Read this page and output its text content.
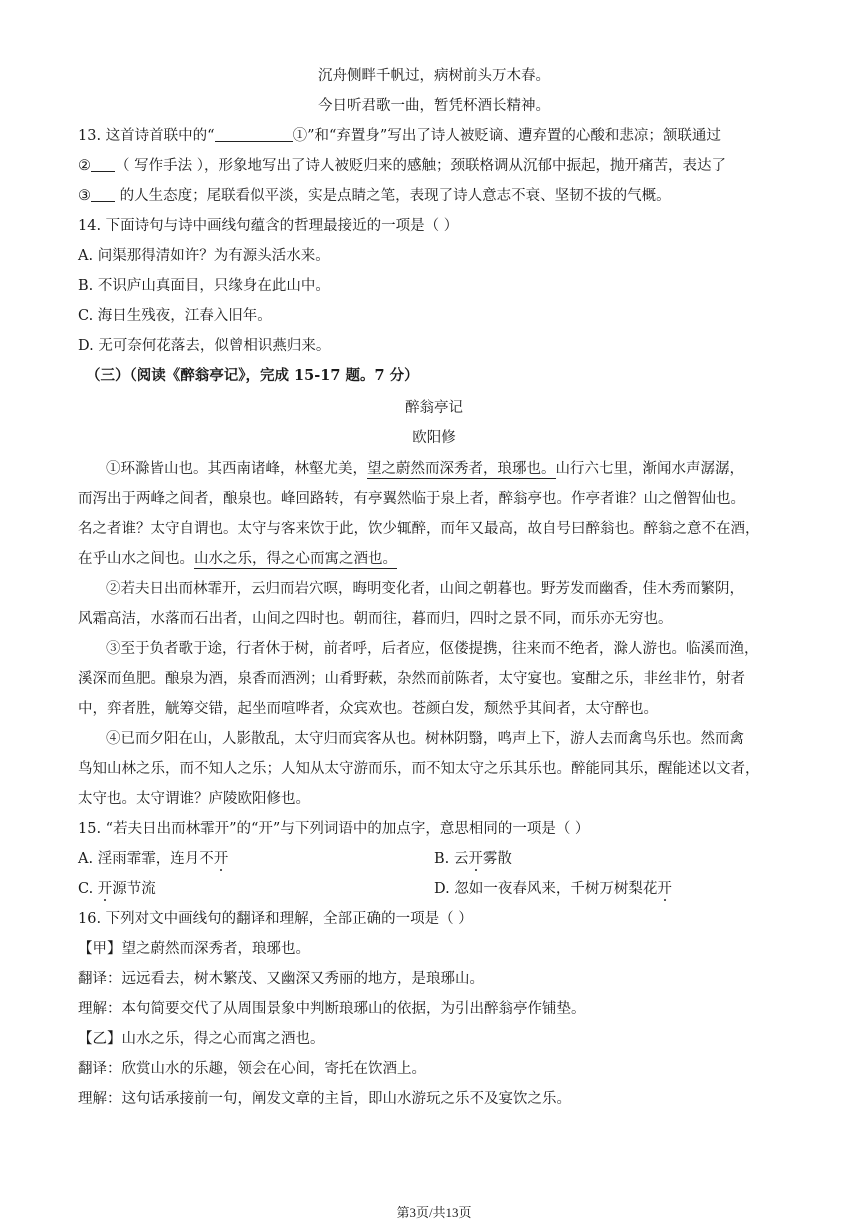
沉舟侧畔千帆过，病树前头万木春。
今日听君歌一曲，暂凭杯酒长精神。
13. 这首诗首联中的“	①”和“弃置身”写出了诗人被贬谪、遭弃置的心酸和悲凉；颔联通过
② （ 写作手法 ），形象地写出了诗人被贬归来的感触；颈联格调从沉郁中振起，抛开痛苦，表达了
③ 的人生态度；尾联看似平淡，实是点睛之笔，表现了诗人意志不衰、坚韧不拔的气概。
14. 下面诗句与诗中画线句蕴含的哲理最接近的一项是（ ）
A. 问渠那得清如许？为有源头活水来。
B. 不识庐山真面目，只缘身在此山中。
C. 海日生残夜，江春入旧年。
D. 无可奈何花落去，似曾相识燕归来。
（三）（阅读《醉翁亭记》，完成 15-17 题。7 分）
醉翁亭记
欧阳修
①环滁皆山也。其西南诸峰，林壑尤美，望之蔚然而深秀者，琅琊也。山行六七里，渐闻水声潺潺，
而泻出于两峰之间者，酿泉也。峰回路转，有亭翼然临于泉上者，醉翁亭也。作亭者谁？山之僧智仙也。
名之者谁？太守自谓也。太守与客来饮于此，饮少辄醉，而年又最高，故自号曰醉翁也。醉翁之意不在酒，
在乎山水之间也。山水之乐，得之心而寓之酒也。
②若夫日出而林霏开，云归而岩穴暝，晦明变化者，山间之朝暮也。野芳发而幽香，佳木秀而繁阴，
风霜高洁，水落而石出者，山间之四时也。朝而往，暮而归，四时之景不同，而乐亦无穷也。
③至于负者歌于途，行者休于树，前者呼，后者应，伛偻提携，往来而不绝者，滁人游也。临溪而渔，
溪深而鱼肥。酿泉为酒，泉香而酒洌；山肴野蔌，杂然而前陈者，太守宴也。宴酣之乐，非丝非竹，射者
中，弈者胜，觥筹交错，起坐而喧哗者，众宾欢也。苍颜白发，颓然乎其间者，太守醉也。
④已而夕阳在山，人影散乱，太守归而宾客从也。树林阴翳，鸣声上下，游人去而禽鸟乐也。然而禽
鸟知山林之乐，而不知人之乐；人知从太守游而乐，而不知太守之乐其乐也。醉能同其乐，醒能述以文者，
太守也。太守谓谁？庐陵欧阳修也。
15. “若夫日出而林霏开”的“开”与下列词语中的加点字，意思相同的一项是（ ）
A. 淫雨霏霏，连月不开	B. 云开雾散
C. 开源节流	D. 忽如一夜春风来，千树万树梨花开
16. 下列对文中画线句的翻译和理解，全部正确的一项是（ ）
【甲】望之蔚然而深秀者，琅琊也。
翻译：远远看去，树木繁茂、又幽深又秀丽的地方，是琅琊山。
理解：本句简要交代了从周围景象中判断琅琊山的依据，为引出醉翁亭作铺垫。
【乙】山水之乐，得之心而寓之酒也。
翻译：欣赏山水的乐趣，领会在心间，寄托在饮酒上。
理解：这句话承接前一句，阐发文章的主旨，即山水游玩之乐不及宴饮之乐。
第3页/共13页
